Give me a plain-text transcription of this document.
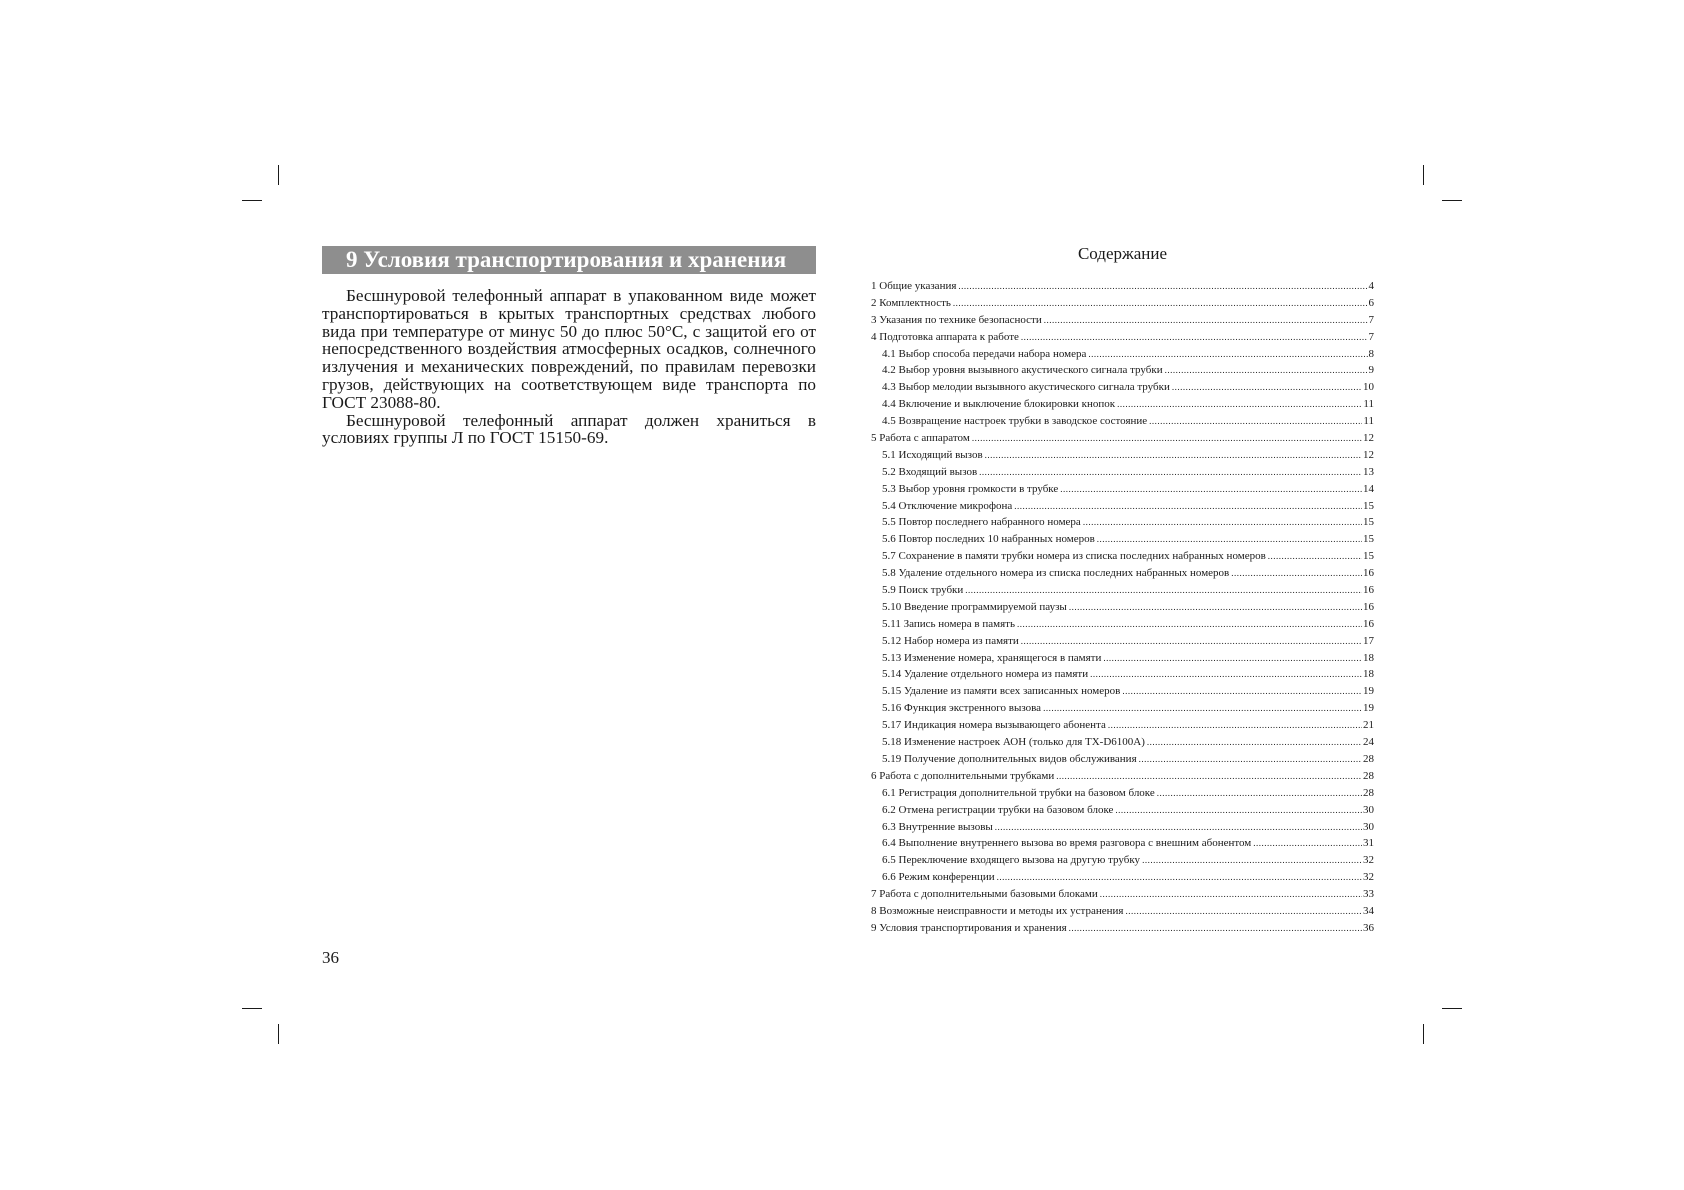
9 Условия транспортирования и хранения

Бесшнуровой телефонный аппарат в упакованном виде может транспортироваться в крытых транспортных средствах любого вида при температуре от минус 50 до плюс 50°С, с защитой его от непосредственного воздействия атмосферных осадков, солнечного излучения и механических повреждений, по правилам перевозки грузов, действующих на соответствующем виде транспорта по ГОСТ 23088-80.

Бесшнуровой телефонный аппарат должен храниться в условиях группы Л по ГОСТ 15150-69.

36
Содержание
1 Общие указания .....	4
2 Комплектность .....	6
3 Указания по технике безопасности .....	7
4 Подготовка аппарата к работе .....	7
4.1 Выбор способа передачи набора номера .....	8
4.2 Выбор уровня вызывного акустического сигнала трубки .....	9
4.3 Выбор мелодии вызывного акустического сигнала трубки .....	10
4.4 Включение и выключение блокировки кнопок .....	11
4.5 Возвращение настроек трубки в заводское состояние .....	11
5 Работа с аппаратом .....	12
5.1 Исходящий вызов .....	12
5.2 Входящий вызов .....	13
5.3 Выбор уровня громкости в трубке .....	14
5.4 Отключение микрофона .....	15
5.5 Повтор последнего набранного номера .....	15
5.6 Повтор последних 10 набранных номеров .....	15
5.7 Сохранение в памяти трубки номера из списка последних набранных номеров .....	15
5.8 Удаление отдельного номера из списка последних набранных номеров .....	16
5.9 Поиск трубки .....	16
5.10 Введение программируемой паузы .....	16
5.11 Запись номера в память .....	16
5.12 Набор номера из памяти .....	17
5.13 Изменение номера, хранящегося в памяти .....	18
5.14 Удаление отдельного номера из памяти .....	18
5.15 Удаление из памяти всех записанных номеров .....	19
5.16 Функция экстренного вызова .....	19
5.17 Индикация номера вызывающего абонента .....	21
5.18 Изменение настроек АОН (только для TX-D6100A) .....	24
5.19 Получение дополнительных видов обслуживания .....	28
6 Работа с дополнительными трубками .....	28
6.1 Регистрация дополнительной трубки на базовом блоке .....	28
6.2 Отмена регистрации трубки на базовом блоке .....	30
6.3 Внутренние вызовы .....	30
6.4 Выполнение внутреннего вызова во время разговора с внешним абонентом .....	31
6.5 Переключение входящего вызова на другую трубку .....	32
6.6 Режим конференции .....	32
7 Работа с дополнительными базовыми блоками .....	33
8 Возможные неисправности и методы их устранения .....	34
9 Условия транспортирования и хранения .....	36
